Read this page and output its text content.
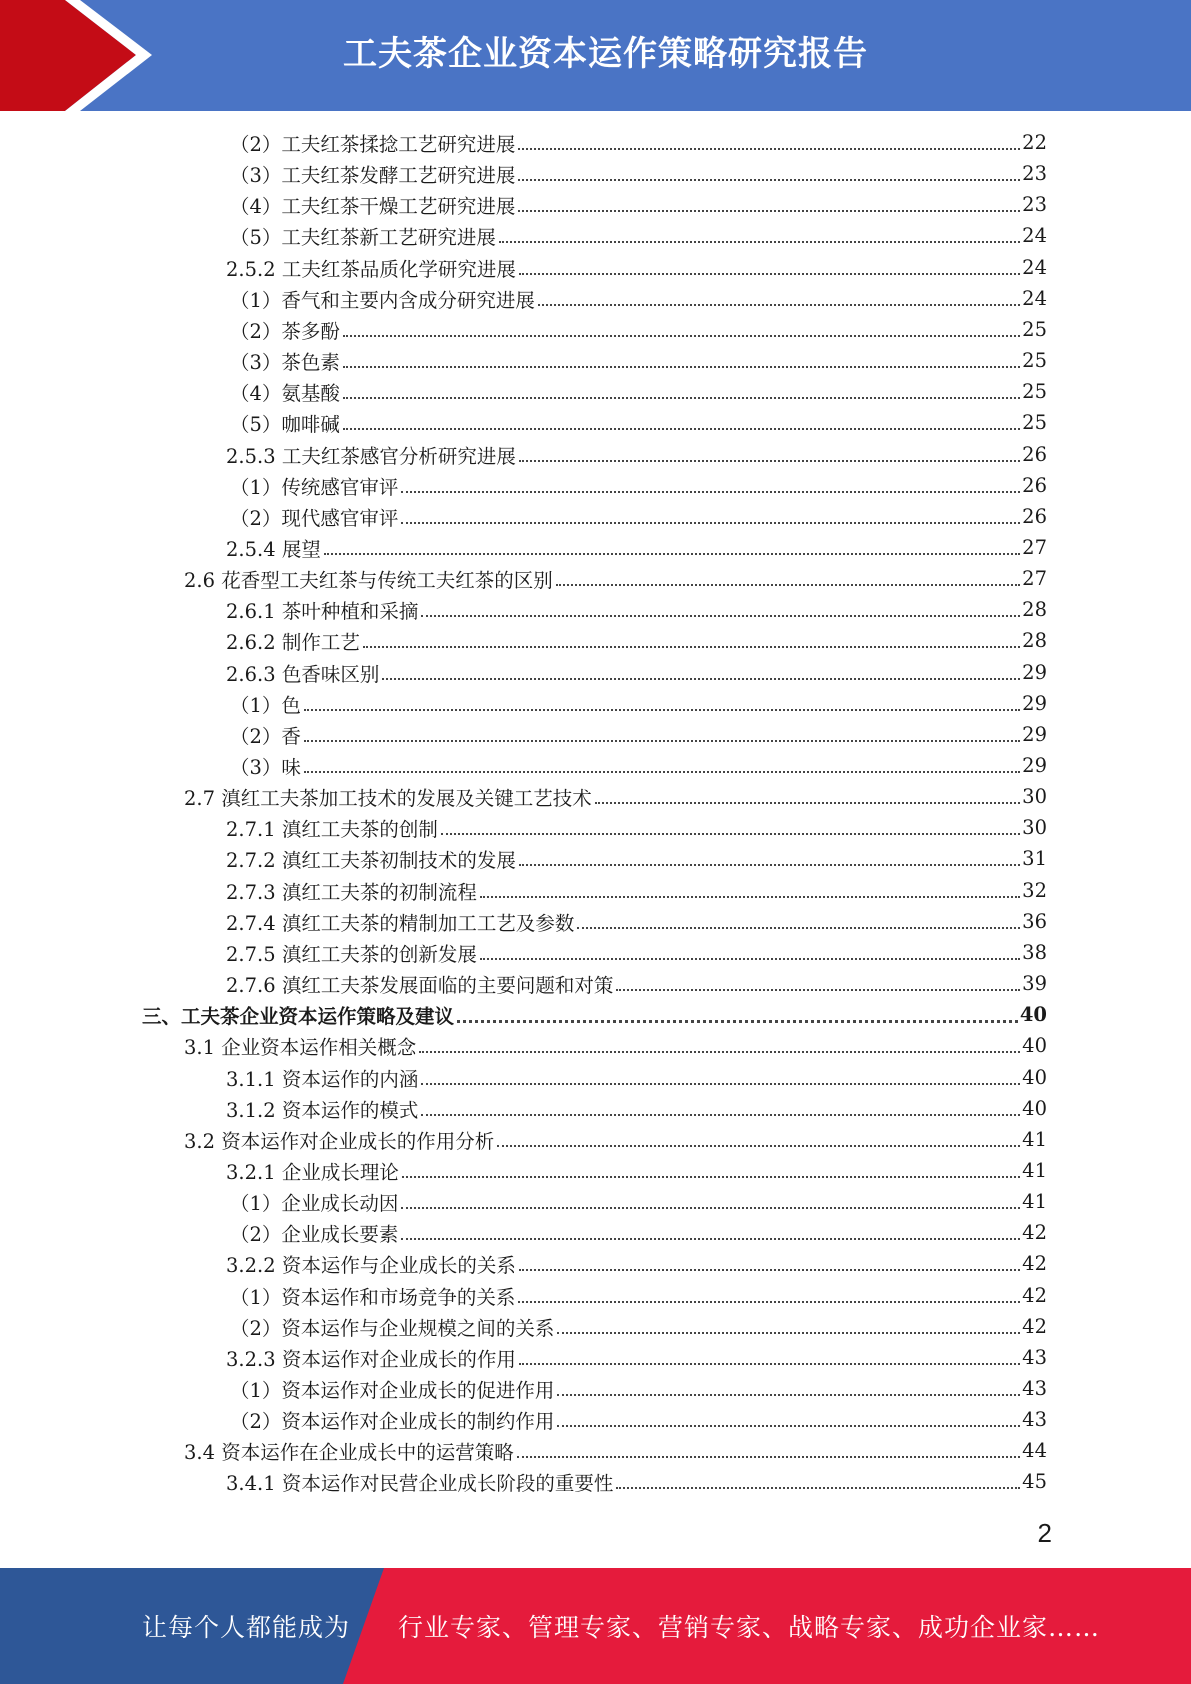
工夫茶企业资本运作策略研究报告
（2）工夫红茶揉捻工艺研究进展	22
（3）工夫红茶发酵工艺研究进展	23
（4）工夫红茶干燥工艺研究进展	23
（5）工夫红茶新工艺研究进展	24
2.5.2 工夫红茶品质化学研究进展	24
（1）香气和主要内含成分研究进展	24
（2）茶多酚	25
（3）茶色素	25
（4）氨基酸	25
（5）咖啡碱	25
2.5.3 工夫红茶感官分析研究进展	26
（1）传统感官审评	26
（2）现代感官审评	26
2.5.4 展望	27
2.6 花香型工夫红茶与传统工夫红茶的区别	27
2.6.1 茶叶种植和采摘	28
2.6.2 制作工艺	28
2.6.3 色香味区别	29
（1）色	29
（2）香	29
（3）味	29
2.7 滇红工夫茶加工技术的发展及关键工艺技术	30
2.7.1 滇红工夫茶的创制	30
2.7.2 滇红工夫茶初制技术的发展	31
2.7.3 滇红工夫茶的初制流程	32
2.7.4 滇红工夫茶的精制加工工艺及参数	36
2.7.5 滇红工夫茶的创新发展	38
2.7.6 滇红工夫茶发展面临的主要问题和对策	39
三、工夫茶企业资本运作策略及建议	40
3.1 企业资本运作相关概念	40
3.1.1 资本运作的内涵	40
3.1.2 资本运作的模式	40
3.2 资本运作对企业成长的作用分析	41
3.2.1 企业成长理论	41
（1）企业成长动因	41
（2）企业成长要素	42
3.2.2 资本运作与企业成长的关系	42
（1）资本运作和市场竞争的关系	42
（2）资本运作与企业规模之间的关系	42
3.2.3 资本运作对企业成长的作用	43
（1）资本运作对企业成长的促进作用	43
（2）资本运作对企业成长的制约作用	43
3.4 资本运作在企业成长中的运营策略	44
3.4.1 资本运作对民营企业成长阶段的重要性	45
2
让每个人都能成为 行业专家、管理专家、营销专家、战略专家、成功企业家……
